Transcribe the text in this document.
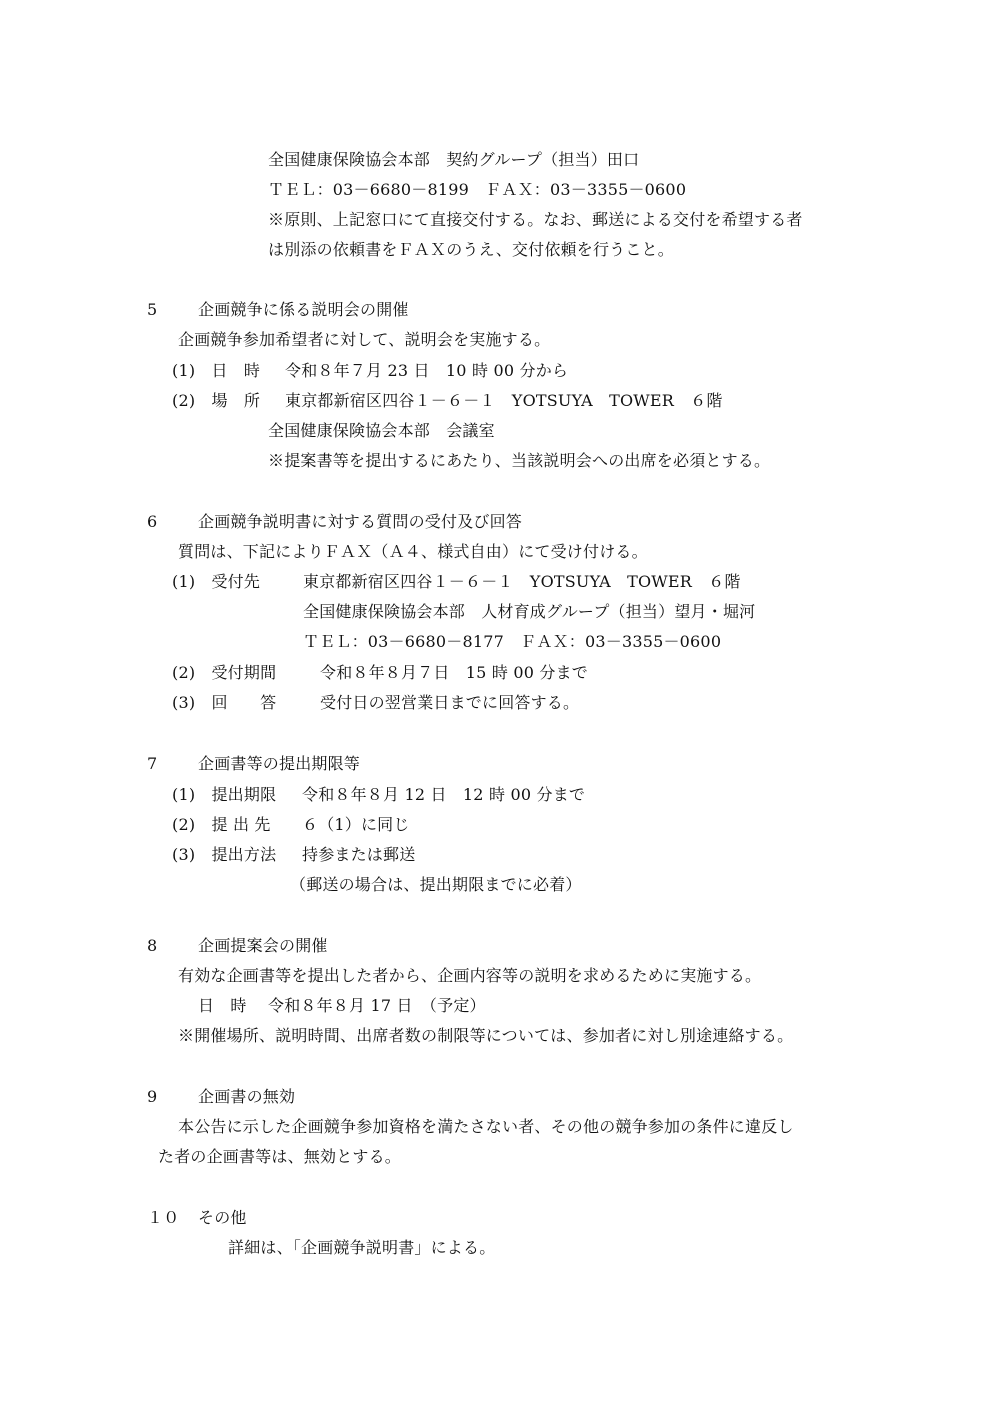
全国健康保険協会本部　契約グループ（担当）田口
ＴＥＬ：03－6680－8199　ＦＡＸ：03－3355－0600
※原則、上記窓口にて直接交付する。なお、郵送による交付を希望する者
は別添の依頼書をＦＡＸのうえ、交付依頼を行うこと。
5	企画競争に係る説明会の開催
企画競争参加希望者に対して、説明会を実施する。
(1)　日　時 令和８年７月 23 日　10 時 00 分から
(2)　場　所 東京都新宿区四谷１－６－１　YOTSUYA　TOWER　６階
全国健康保険協会本部　会議室
※提案書等を提出するにあたり、当該説明会への出席を必須とする。
6	企画競争説明書に対する質問の受付及び回答
質問は、下記によりＦＡＸ（Ａ４、様式自由）にて受け付ける。
(1)　受付先	東京都新宿区四谷１－６－１　YOTSUYA　TOWER　６階
全国健康保険協会本部　人材育成グループ（担当）望月・堀河
ＴＥＬ：03－6680－8177　ＦＡＸ：03－3355－0600
(2)　受付期間	令和８年８月７日　15 時 00 分まで
(3)　回　　答	受付日の翌営業日までに回答する。
7	企画書等の提出期限等
(1)　提出期限 令和８年８月 12 日　12 時 00 分まで
(2)　提 出 先 ６（1）に同じ
(3)　提出方法 持参または郵送
（郵送の場合は、提出期限までに必着）
8	企画提案会の開催
有効な企画書等を提出した者から、企画内容等の説明を求めるために実施する。
日　時 令和８年８月 17 日　（予定）
※開催場所、説明時間、出席者数の制限等については、参加者に対し別途連絡する。
9	企画書の無効
本公告に示した企画競争参加資格を満たさない者、その他の競争参加の条件に違反し
た者の企画書等は、無効とする。
１０ その他
詳細は、「企画競争説明書」による。
